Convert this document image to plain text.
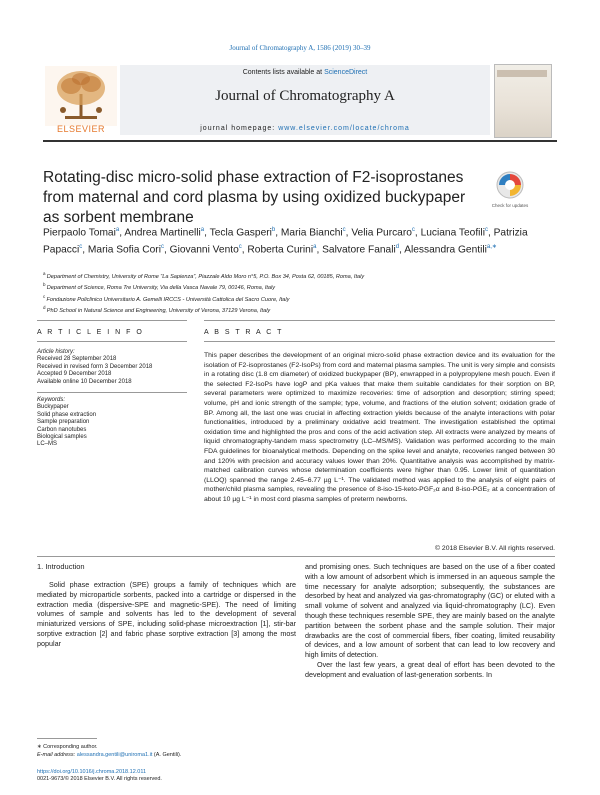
Journal of Chromatography A, 1586 (2019) 30–39
ELSEVIER
Contents lists available at ScienceDirect
Journal of Chromatography A
journal homepage: www.elsevier.com/locate/chroma
Rotating-disc micro-solid phase extraction of F2-isoprostanes from maternal and cord plasma by using oxidized buckypaper as sorbent membrane
Check for updates
Pierpaolo Tomai$^a$, Andrea Martinelli$^a$, Tecla Gasperi$^b$, Maria Bianchi$^c$, Velia Purcaro$^c$, Luciana Teofili$^c$, Patrizia Papacci$^c$, Maria Sofia Cori$^c$, Giovanni Vento$^c$, Roberta Curini$^a$, Salvatore Fanali$^d$, Alessandra Gentili$^{a,∗}$
$^a$ Department of Chemistry, University of Rome “La Sapienza”, Piazzale Aldo Moro n°5, P.O. Box 34, Posta 62, 00185, Roma, Italy
$^b$ Department of Science, Roma Tre University, Via della Vasca Navale 79, 00146, Roma, Italy
$^c$ Fondazione Policlinico Universitario A. Gemelli IRCCS - Università Cattolica del Sacro Cuore, Italy
$^d$ PhD School in Natural Science and Engineering, University of Verona, 37129 Verona, Italy
A R T I C L E I N F O	A B S T R A C T
Article history:
Received 28 September 2018
Received in revised form 3 December 2018
Accepted 9 December 2018
Available online 10 December 2018
Keywords:
Buckypaper
Solid phase extraction
Sample preparation
Carbon nanotubes
Biological samples
LC–MS
This paper describes the development of an original micro-solid phase extraction device and its evaluation for the isolation of F2-isoprostanes (F2-IsoPs) from cord and maternal plasma samples. The unit is very simple and consists in a rotating disc (1.8 cm diameter) of oxidized buckypaper (BP), enwrapped in a polypropylene mesh pouch. Even if the selected F2-IsoPs have logP and pKa values that make them suitable candidates for their sorption on BP, several parameters were optimized to maximize recoveries: time of adsorption and desorption; stirring speed; volume, pH and ionic strength of the sample; type, volume, and fractions of the elution solvent; oxidation grade of BP. Among all, the last one was crucial in affecting extraction yields because of the analyte interactions with polar functionalities, introduced by a preliminary oxidative acid treatment. The investigation established the optimal oxidation time and highlighted the pros and cons of the acid activation step. All extracts were analyzed by means of liquid chromatography-tandem mass spectrometry (LC–MS/MS). Validation was performed according to the main FDA guidelines for bioanalytical methods. Depending on the spike level and analyte, recoveries ranged between 30 and 120% with precision and accuracy values lower than 20%. Quantitative analysis was accomplished by matrix-matched calibration curves whose determination coefficients were higher than 0.95. Lower limit of quantitation (LLOQ) spanned the range 2.45–6.77 µg L⁻¹. The validated method was applied to the analysis of eight pairs of mother/child plasma samples, revealing the presence of 8-iso-15-keto-PGF₂α and 8-iso-PGE₂ at a concentration of about 10 µg L⁻¹ in most cord plasma samples of preterm newborns.
© 2018 Elsevier B.V. All rights reserved.
1. Introduction

Solid phase extraction (SPE) groups a family of techniques which are mediated by microparticle sorbents, packed into a cartridge or dispersed in the extraction media (dispersive-SPE and magnetic-SPE). The need of limiting volumes of sample and solvents has led to the development of several miniaturized versions of SPE, including solid-phase microextraction [1], stir-bar sorptive extraction [2] and fabric phase sorptive extraction [3] among the most popular

and promising ones. Such techniques are based on the use of a fiber coated with a low amount of adsorbent which is immersed in an aqueous sample the time necessary for analyte adsorption; subsequently, the substances are desorbed by heat and analyzed via gas-chromatography (GC) or eluted with a small volume of solvent and analyzed via liquid-chromatography (LC). Even though these techniques resemble SPE, they are mainly based on the analyte partition between the sorbent phase and the sample solution. Their major drawbacks are the cost of commercial fibers, fiber coating, limited reusability of devices, and a low amount of sorbent that can lead to low recovery and high limits of detection.

Over the last few years, a great deal of effort has been devoted to the development and evaluation of last-generation sorbents. In

∗ Corresponding author.
E-mail address: alessandra.gentili@uniroma1.it (A. Gentili).
https://doi.org/10.1016/j.chroma.2018.12.011
0021-9673/© 2018 Elsevier B.V. All rights reserved.
